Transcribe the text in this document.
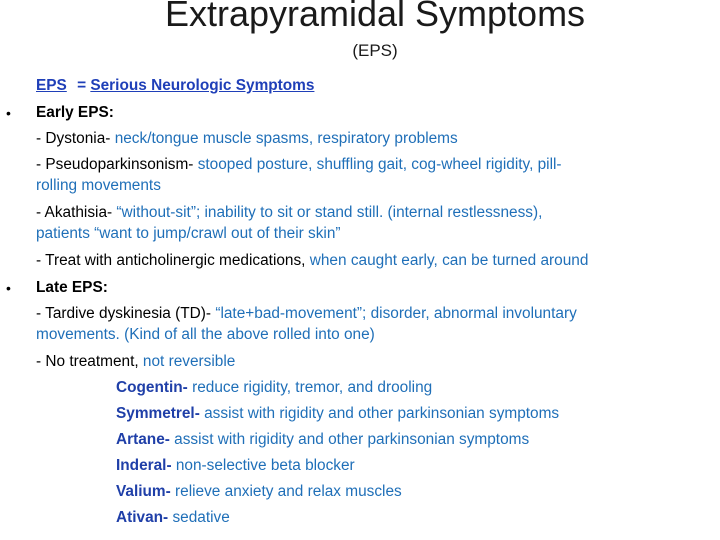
Extrapyramidal Symptoms
(EPS)
EPS = Serious Neurologic Symptoms
• Early EPS:
- Dystonia- neck/tongue muscle spasms, respiratory problems
- Pseudoparkinsonism- stooped posture, shuffling gait, cog-wheel rigidity, pill-
rolling movements
- Akathisia- “without-sit”; inability to sit or stand still. (internal restlessness),
patients “want to jump/crawl out of their skin”
- Treat with anticholinergic medications, when caught early, can be turned around
• Late EPS:
- Tardive dyskinesia (TD)- “late+bad-movement”; disorder, abnormal involuntary
movements. (Kind of all the above rolled into one)
- No treatment, not reversible
Cogentin- reduce rigidity, tremor, and drooling
Symmetrel- assist with rigidity and other parkinsonian symptoms
Artane- assist with rigidity and other parkinsonian symptoms
Inderal- non-selective beta blocker
Valium- relieve anxiety and relax muscles
Ativan- sedative
